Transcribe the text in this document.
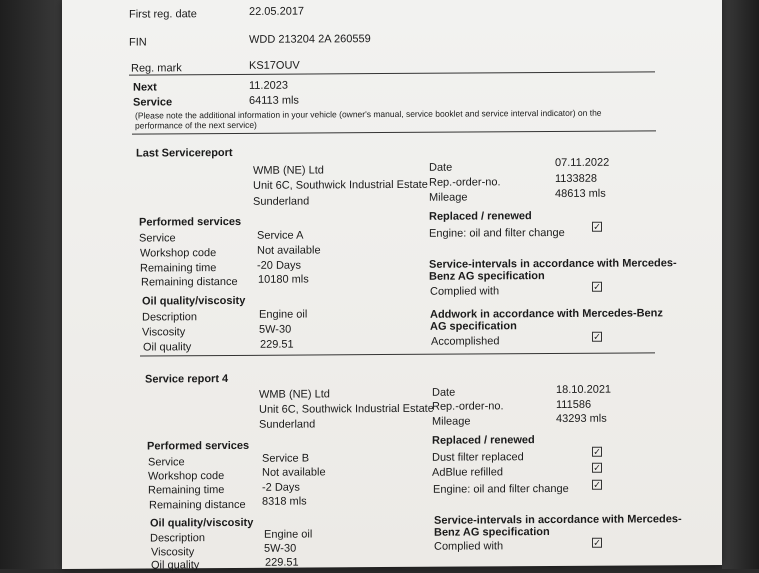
First reg. date	22.05.2017
FIN	WDD 213204 2A 260559
Reg. mark	KS17OUV
Next
Service
11.2023
64113 mls
(Please note the additional information in your vehicle (owner's manual, service booklet and service interval indicator) on the
performance of the next service)
Last Servicereport
WMB (NE) Ltd
Unit 6C, Southwick Industrial Estate
Sunderland
Date	07.11.2022
Rep.-order-no.	1133828
Mileage	48613 mls
Performed services
Service	Service A
Workshop code	Not available
Remaining time	-20 Days
Remaining distance 10180 mls
Oil quality/viscosity
Description	Engine oil
Viscosity	5W-30
Oil quality	229.51
Replaced / renewed
Engine: oil and filter change
✓
Service-intervals in accordance with Mercedes-
Benz AG specification
Complied with	✓
Addwork in accordance with Mercedes-Benz
AG specification
Accomplished	✓
Service report 4
WMB (NE) Ltd
Unit 6C, Southwick Industrial Estate
Sunderland
Date	18.10.2021
Rep.-order-no.	111586
Mileage	43293 mls
Performed services
Service	Service B
Workshop code	Not available
Remaining time	-2 Days
Remaining distance 8318 mls
Oil quality/viscosity
Description	Engine oil
Viscosity	5W-30
Oil quality	229.51
Replaced / renewed
Dust filter replaced	✓
AdBlue refilled	✓
Engine: oil and filter change	✓
Service-intervals in accordance with Mercedes-
Benz AG specification
Complied with	✓
